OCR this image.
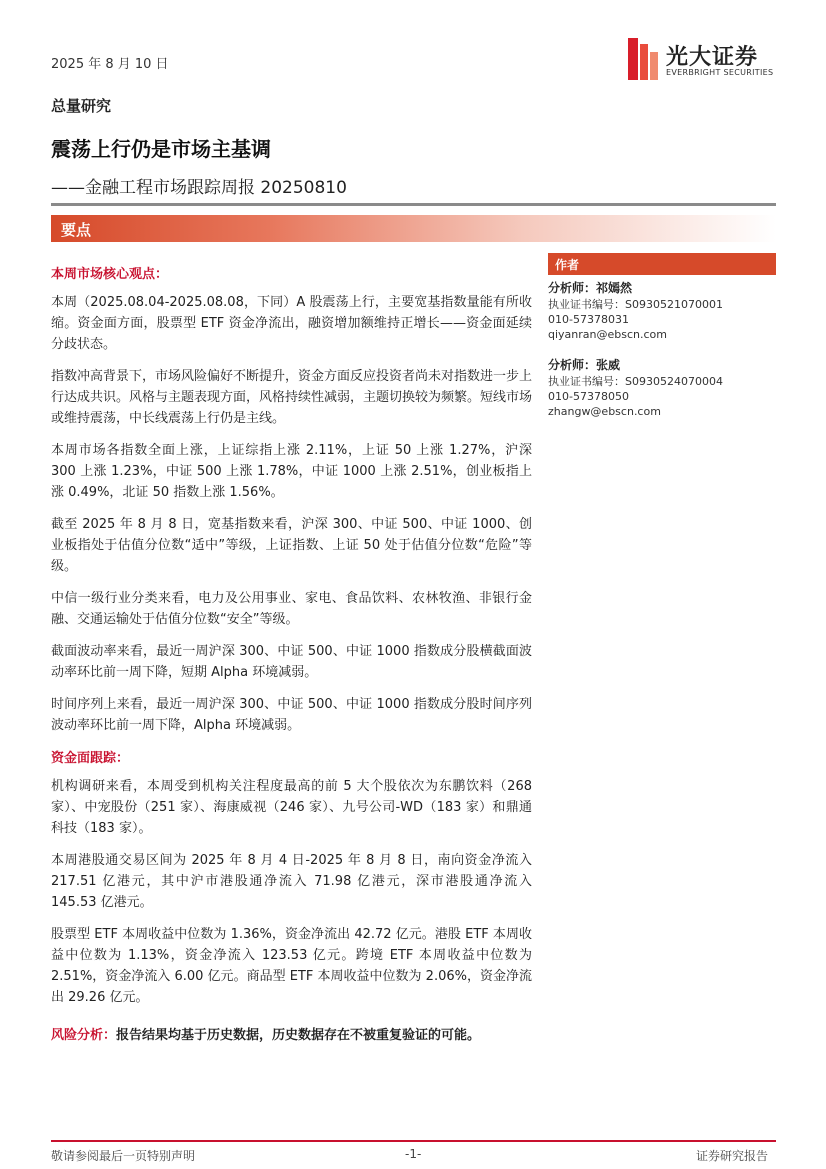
2025 年 8 月 10 日	光大证券
EVERBRIGHT SECURITIES
总量研究
震荡上行仍是市场主基调
——金融工程市场跟踪周报 20250810
要点
本周市场核心观点：

本周（2025.08.04-2025.08.08，下同）A 股震荡上行，主要宽基指数量能有所收缩。资金面方面，股票型 ETF 资金净流出，融资增加额维持正增长——资金面延续分歧状态。

指数冲高背景下，市场风险偏好不断提升，资金方面反应投资者尚未对指数进一步上行达成共识。风格与主题表现方面，风格持续性减弱，主题切换较为频繁。短线市场或维持震荡，中长线震荡上行仍是主线。

本周市场各指数全面上涨，上证综指上涨 2.11%，上证 50 上涨 1.27%，沪深 300 上涨 1.23%，中证 500 上涨 1.78%，中证 1000 上涨 2.51%，创业板指上涨 0.49%，北证 50 指数上涨 1.56%。

截至 2025 年 8 月 8 日，宽基指数来看，沪深 300、中证 500、中证 1000、创业板指处于估值分位数“适中”等级，上证指数、上证 50 处于估值分位数“危险”等级。

中信一级行业分类来看，电力及公用事业、家电、食品饮料、农林牧渔、非银行金融、交通运输处于估值分位数“安全”等级。

截面波动率来看，最近一周沪深 300、中证 500、中证 1000 指数成分股横截面波动率环比前一周下降，短期 Alpha 环境减弱。

时间序列上来看，最近一周沪深 300、中证 500、中证 1000 指数成分股时间序列波动率环比前一周下降，Alpha 环境减弱。

资金面跟踪：

机构调研来看，本周受到机构关注程度最高的前 5 大个股依次为东鹏饮料（268 家）、中宠股份（251 家）、海康威视（246 家）、九号公司-WD（183 家）和鼎通科技（183 家）。

本周港股通交易区间为 2025 年 8 月 4 日-2025 年 8 月 8 日，南向资金净流入 217.51 亿港元，其中沪市港股通净流入 71.98 亿港元，深市港股通净流入 145.53 亿港元。

股票型 ETF 本周收益中位数为 1.36%，资金净流出 42.72 亿元。港股 ETF 本周收益中位数为 1.13%，资金净流入 123.53 亿元。跨境 ETF 本周收益中位数为 2.51%，资金净流入 6.00 亿元。商品型 ETF 本周收益中位数为 2.06%，资金净流出 29.26 亿元。

风险分析：报告结果均基于历史数据，历史数据存在不被重复验证的可能。
作者
分析师：祁嫣然
执业证书编号：S0930521070001
010-57378031
qiyanran@ebscn.com
分析师：张威
执业证书编号：S0930524070004
010-57378050
zhangw@ebscn.com
敬请参阅最后一页特别声明	-1-	证券研究报告
